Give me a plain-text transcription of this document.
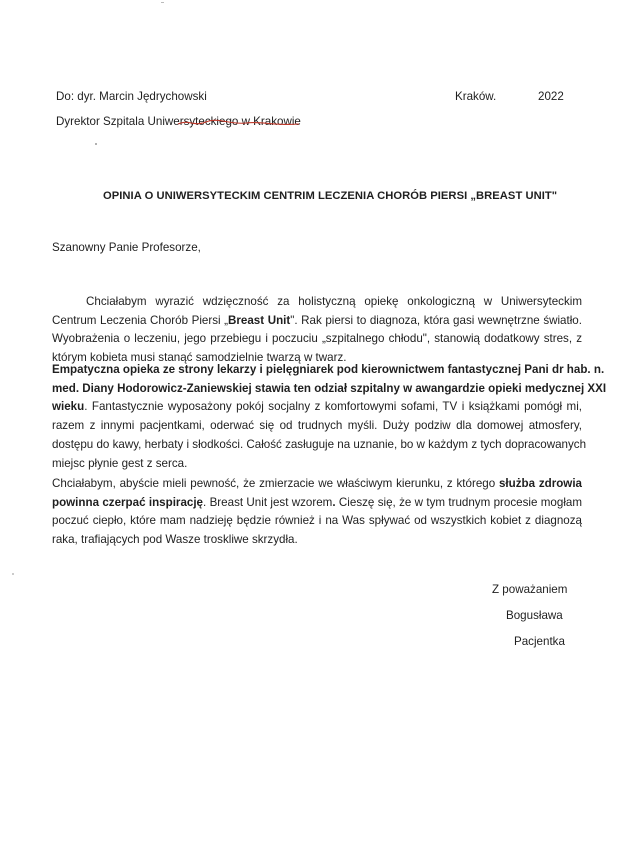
Do: dyr. Marcin Jędrychowski
Dyrektor Szpitala Uniwersyteckiego w Krakowie
Kraków.	2022
OPINIA O UNIWERSYTECKIM CENTRIM LECZENIA CHORÓB PIERSI „BREAST UNIT"
Szanowny Panie Profesorze,
Chciałabym wyrazić wdzięczność za holistyczną opiekę onkologiczną w Uniwersyteckim
Centrum Leczenia Chorób Piersi „Breast Unit". Rak piersi to diagnoza, która gasi wewnętrzne światło.
Wyobrażenia o leczeniu, jego przebiegu i poczuciu „szpitalnego chłodu", stanowią dodatkowy stres, z
którym kobieta musi stanąć samodzielnie twarzą w twarz.
Empatyczna opieka ze strony lekarzy i pielęgniarek pod kierownictwem fantastycznej Pani dr hab. n.
med. Diany Hodorowicz-Zaniewskiej stawia ten odział szpitalny w awangardzie opieki medycznej XXI
wieku. Fantastycznie wyposażony pokój socjalny z komfortowymi sofami, TV i książkami pomógł mi,
razem z innymi pacjentkami, oderwać się od trudnych myśli. Duży podziw dla domowej atmosfery,
dostępu do kawy, herbaty i słodkości. Całość zasługuje na uznanie, bo w każdym z tych dopracowanych
miejsc płynie gest z serca.
Chciałabym, abyście mieli pewność, że zmierzacie we właściwym kierunku, z którego służba zdrowia
powinna czerpać inspirację. Breast Unit jest wzorem. Cieszę się, że w tym trudnym procesie mogłam
poczuć ciepło, które mam nadzieję będzie również i na Was spływać od wszystkich kobiet z diagnozą
raka, trafiających pod Wasze troskliwe skrzydła.
Z poważaniem
Bogusława
Pacjentka
